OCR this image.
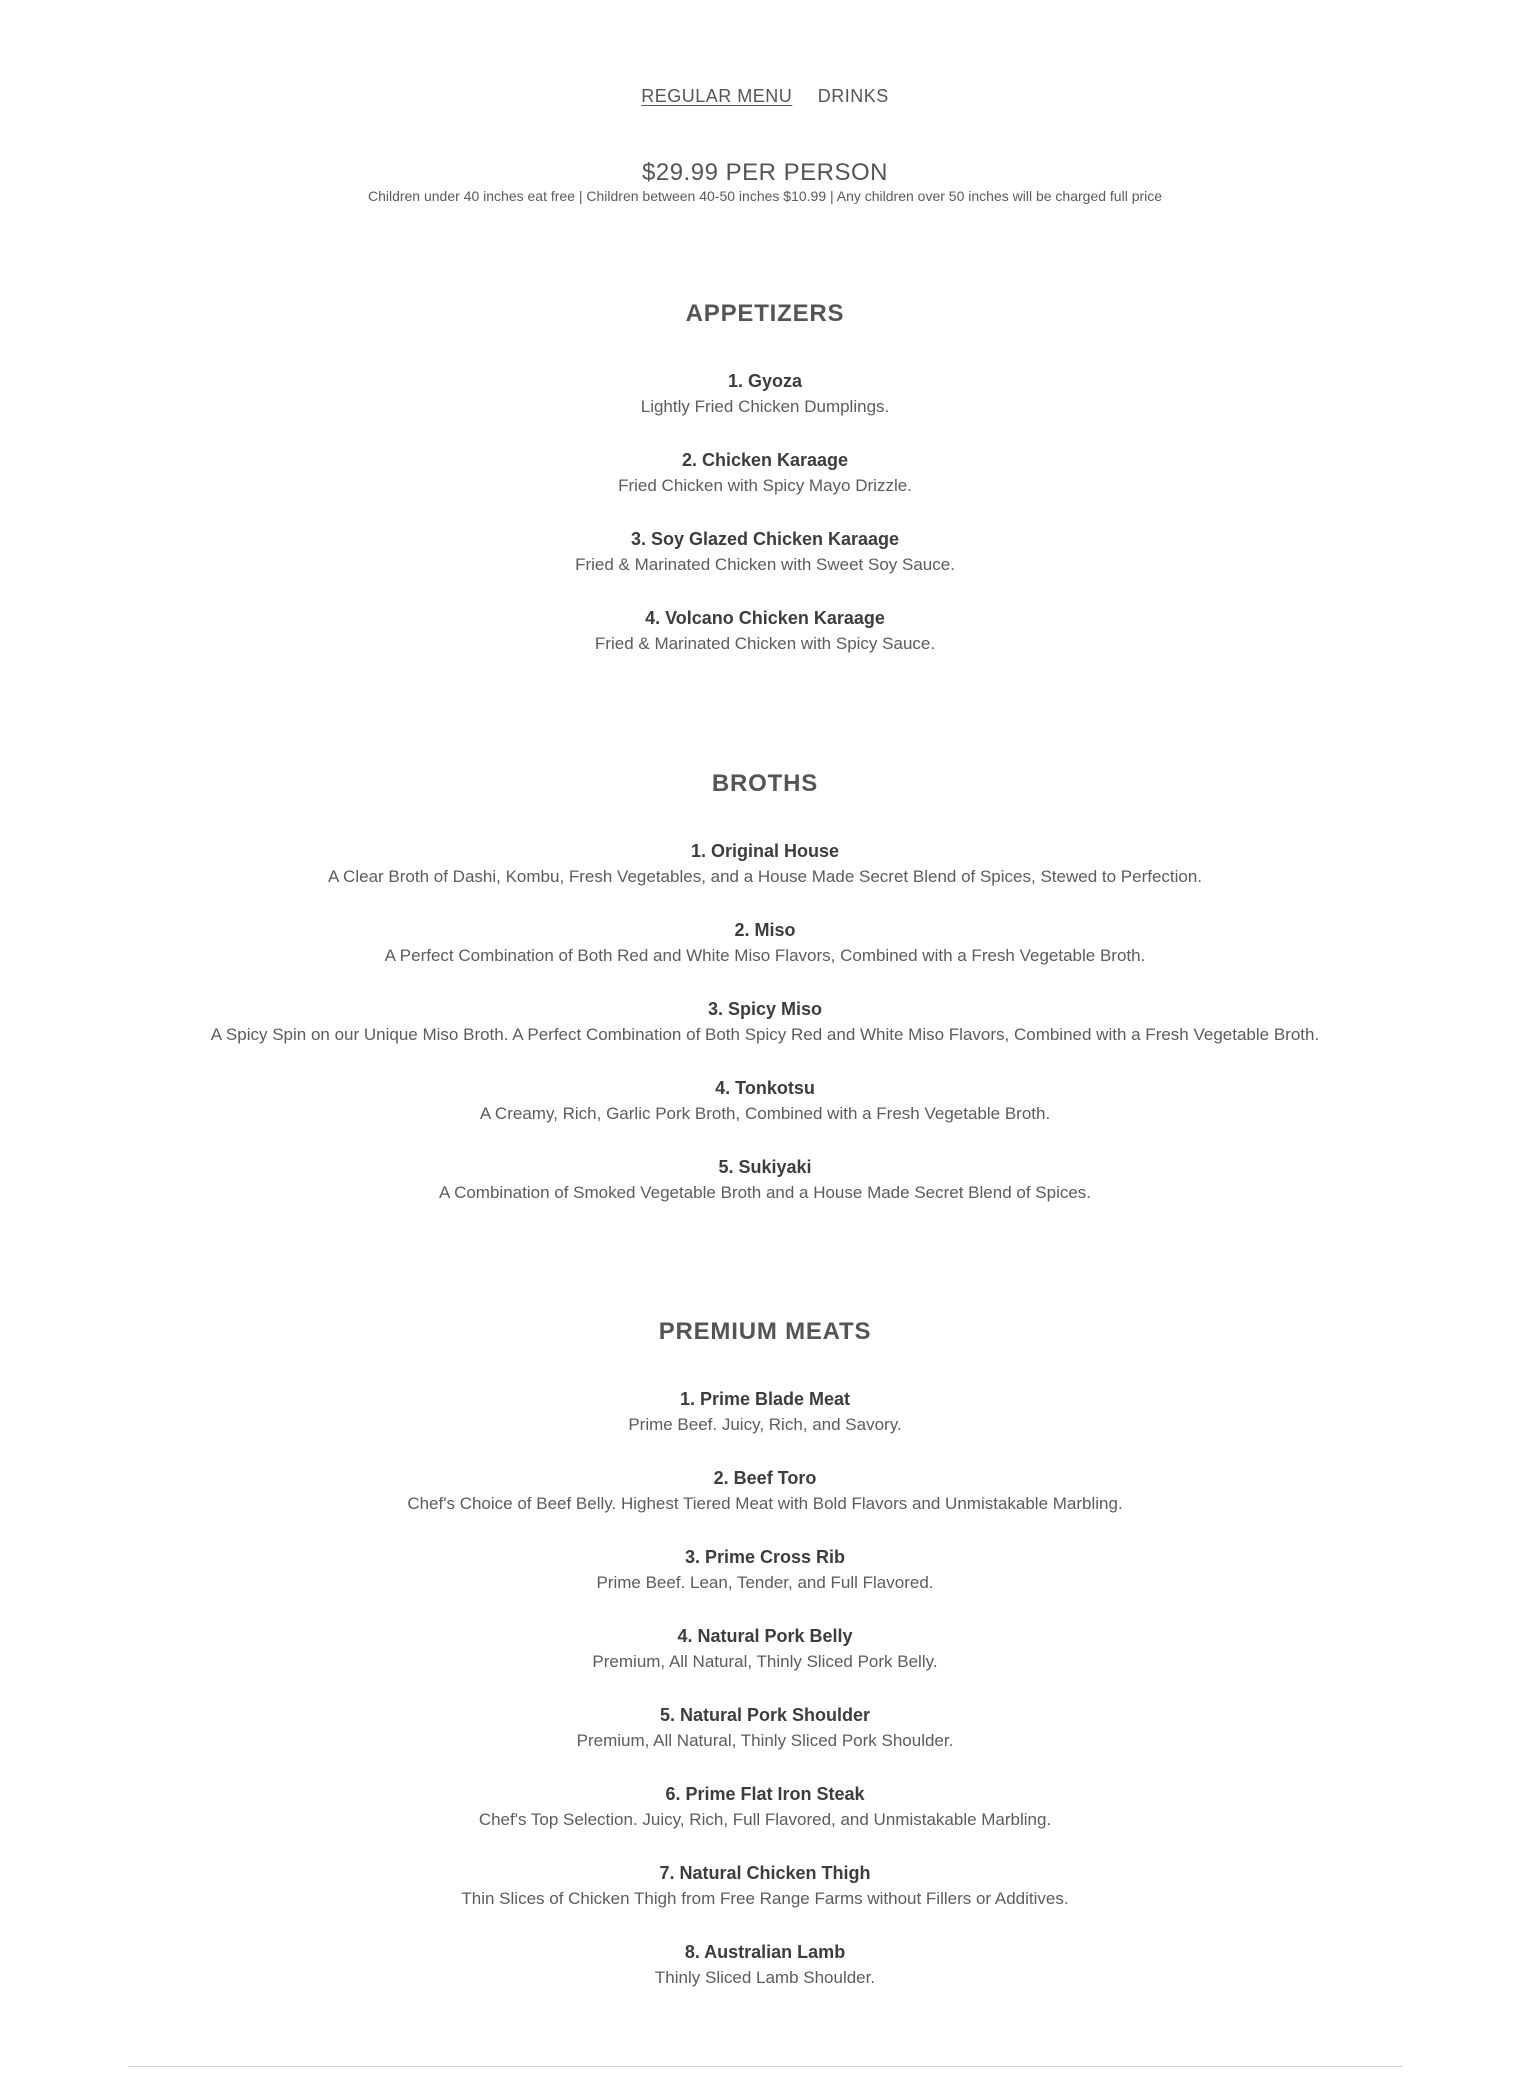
REGULAR MENU DRINKS
$29.99 PER PERSON
Children under 40 inches eat free | Children between 40-50 inches $10.99 | Any children over 50 inches will be charged full price
APPETIZERS
1. Gyoza
Lightly Fried Chicken Dumplings.
2. Chicken Karaage
Fried Chicken with Spicy Mayo Drizzle.
3. Soy Glazed Chicken Karaage
Fried & Marinated Chicken with Sweet Soy Sauce.
4. Volcano Chicken Karaage
Fried & Marinated Chicken with Spicy Sauce.
BROTHS
1. Original House
A Clear Broth of Dashi, Kombu, Fresh Vegetables, and a House Made Secret Blend of Spices, Stewed to Perfection.
2. Miso
A Perfect Combination of Both Red and White Miso Flavors, Combined with a Fresh Vegetable Broth.
3. Spicy Miso
A Spicy Spin on our Unique Miso Broth. A Perfect Combination of Both Spicy Red and White Miso Flavors, Combined with a Fresh Vegetable Broth.
4. Tonkotsu
A Creamy, Rich, Garlic Pork Broth, Combined with a Fresh Vegetable Broth.
5. Sukiyaki
A Combination of Smoked Vegetable Broth and a House Made Secret Blend of Spices.
PREMIUM MEATS
1. Prime Blade Meat
Prime Beef. Juicy, Rich, and Savory.
2. Beef Toro
Chef's Choice of Beef Belly. Highest Tiered Meat with Bold Flavors and Unmistakable Marbling.
3. Prime Cross Rib
Prime Beef. Lean, Tender, and Full Flavored.
4. Natural Pork Belly
Premium, All Natural, Thinly Sliced Pork Belly.
5. Natural Pork Shoulder
Premium, All Natural, Thinly Sliced Pork Shoulder.
6. Prime Flat Iron Steak
Chef's Top Selection. Juicy, Rich, Full Flavored, and Unmistakable Marbling.
7. Natural Chicken Thigh
Thin Slices of Chicken Thigh from Free Range Farms without Fillers or Additives.
8. Australian Lamb
Thinly Sliced Lamb Shoulder.
